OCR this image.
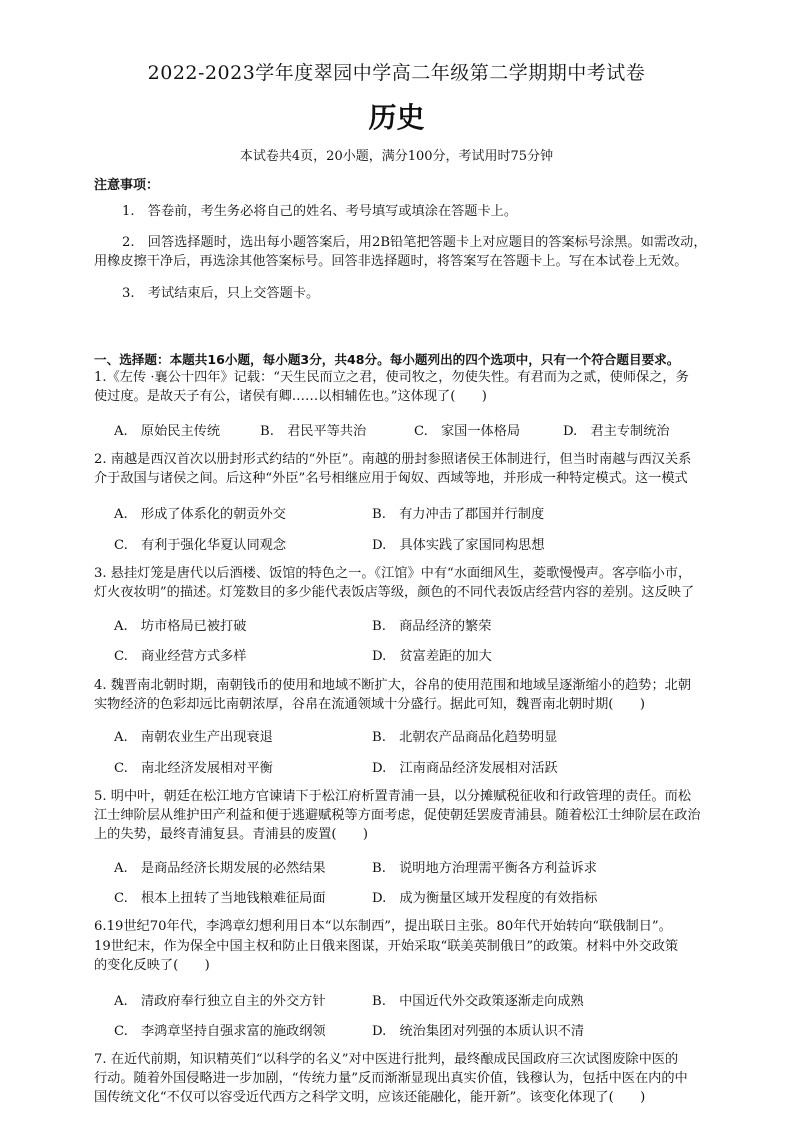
2022-2023学年度翠园中学高二年级第二学期期中考试卷
历史
本试卷共4页，20小题，满分100分，考试用时75分钟
注意事项：
1.　答卷前，考生务必将自己的姓名、考号填写或填涂在答题卡上。
2.　回答选择题时，选出每小题答案后，用2B铅笔把答题卡上对应题目的答案标号涂黑。如需改动，
用橡皮擦干净后，再选涂其他答案标号。回答非选择题时，将答案写在答题卡上。写在本试卷上无效。
3.　考试结束后，只上交答题卡。
一、选择题：本题共16小题，每小题3分，共48分。每小题列出的四个选项中，只有一个符合题目要求。
1.《左传 ·襄公十四年》记载：“天生民而立之君，使司牧之，勿使失性。有君而为之贰，使师保之，务
使过度。是故天子有公，诸侯有卿……以相辅佐也。”这体现了(　　)
A.　原始民主传统	B.　君民平等共治	C.　家国一体格局	D.　君主专制统治
2. 南越是西汉首次以册封形式约结的“外臣”。南越的册封参照诸侯王体制进行，但当时南越与西汉关系
介于敌国与诸侯之间。后这种“外臣”名号相继应用于匈奴、西域等地，并形成一种特定模式。这一模式
A.　形成了体系化的朝贡外交	B.　有力冲击了郡国并行制度
C.　有利于强化华夏认同观念	D.　具体实践了家国同构思想
3. 悬挂灯笼是唐代以后酒楼、饭馆的特色之一。《江馆》中有“水面细风生，菱歌慢慢声。客亭临小市，
灯火夜妆明”的描述。灯笼数目的多少能代表饭店等级，颜色的不同代表饭店经营内容的差别。这反映了
A.　坊市格局已被打破	B.　商品经济的繁荣
C.　商业经营方式多样	D.　贫富差距的加大
4. 魏晋南北朝时期，南朝钱币的使用和地域不断扩大，谷帛的使用范围和地域呈逐渐缩小的趋势；北朝
实物经济的色彩却远比南朝浓厚，谷帛在流通领域十分盛行。据此可知，魏晋南北朝时期(　　)
A.　南朝农业生产出现衰退	B.　北朝农产品商品化趋势明显
C.　南北经济发展相对平衡	D.　江南商品经济发展相对活跃
5. 明中叶，朝廷在松江地方官谏请下于松江府析置青浦一县，以分摊赋税征收和行政管理的责任。而松
江士绅阶层从维护田产利益和便于逃避赋税等方面考虑，促使朝廷罢废青浦县。随着松江士绅阶层在政治
上的失势，最终青浦复县。青浦县的废置(　　)
A.　是商品经济长期发展的必然结果	B.　说明地方治理需平衡各方利益诉求
C.　根本上扭转了当地钱粮难征局面	D.　成为衡量区域开发程度的有效指标
6.19世纪70年代，李鸿章幻想利用日本“以东制西”，提出联日主张。80年代开始转向“联俄制日”。
19世纪末，作为保全中国主权和防止日俄来图谋，开始采取“联美英制俄日”的政策。材料中外交政策
的变化反映了(　　)
A.　清政府奉行独立自主的外交方针	B.　中国近代外交政策逐渐走向成熟
C.　李鸿章坚持自强求富的施政纲领	D.　统治集团对列强的本质认识不清
7. 在近代前期，知识精英们“以科学的名义”对中医进行批判，最终酿成民国政府三次试图废除中医的
行动。随着外国侵略进一步加剧，“传统力量”反而渐渐显现出真实价值，钱穆认为，包括中医在内的中
国传统文化“不仅可以容受近代西方之科学文明，应该还能融化，能开新”。该变化体现了(　　)
